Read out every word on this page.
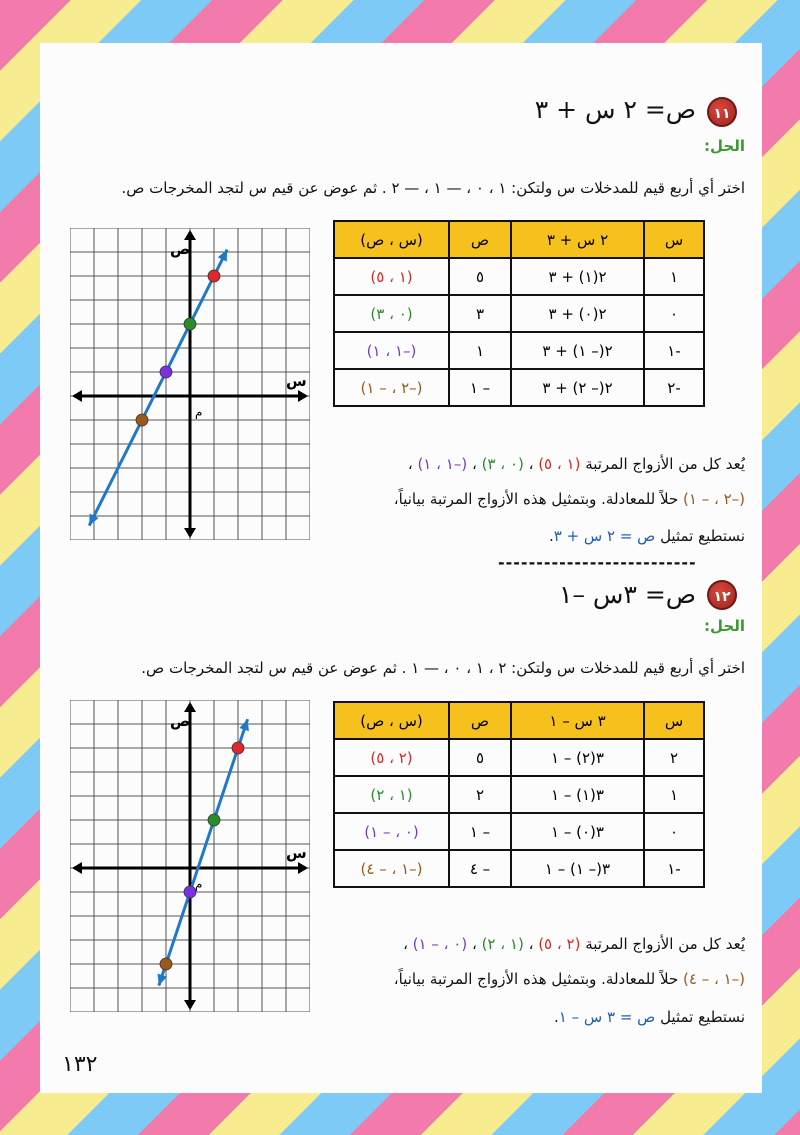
١١
ص= ٢ س + ٣
الحل:
اختر أي أربع قيم للمدخلات س ولتكن: ١ ، ٠ ، — ١ ، — ٢ . ثم عوض عن قيم س لتجد المخرجات ص.
س	٢ س + ٣	ص	(س ، ص)
١	٢(١) + ٣	٥	(١ ، ٥)
٠	٢(٠) + ٣	٣	(٠ ، ٣)
-١	٢(– ١) + ٣	١	(–١ ، ١)
-٢	٢(– ٢) + ٣	– ١	(–٢ ، – ١)
يُعد كل من الأزواج المرتبة (١ ، ٥) ، (٠ ، ٣) ، (–١ ، ١) ،
(–٢ ، – ١) حلاً للمعادلة. وبتمثيل هذه الأزواج المرتبة بيانياً،
نستطيع تمثيل ص = ٢ س + ٣.
ص
س
م
--------------------------
١٢
ص= ٣س –١
الحل:
اختر أي أربع قيم للمدخلات س ولتكن: ٢ ، ١ ، ٠ ، — ١ . ثم عوض عن قيم س لتجد المخرجات ص.
س	٣ س – ١	ص	(س ، ص)
٢	٣(٢) – ١	٥	(٢ ، ٥)
١	٣(١) – ١	٢	(١ ، ٢)
٠	٣(٠) – ١	– ١	(٠ ، – ١)
-١	٣(– ١) – ١	– ٤	(–١ ، – ٤)
يُعد كل من الأزواج المرتبة (٢ ، ٥) ، (١ ، ٢) ، (٠ ، – ١) ،
(–١ ، – ٤) حلاً للمعادلة. وبتمثيل هذه الأزواج المرتبة بيانياً،
نستطيع تمثيل ص = ٣ س – ١.
ص
س
م
١٣٢
